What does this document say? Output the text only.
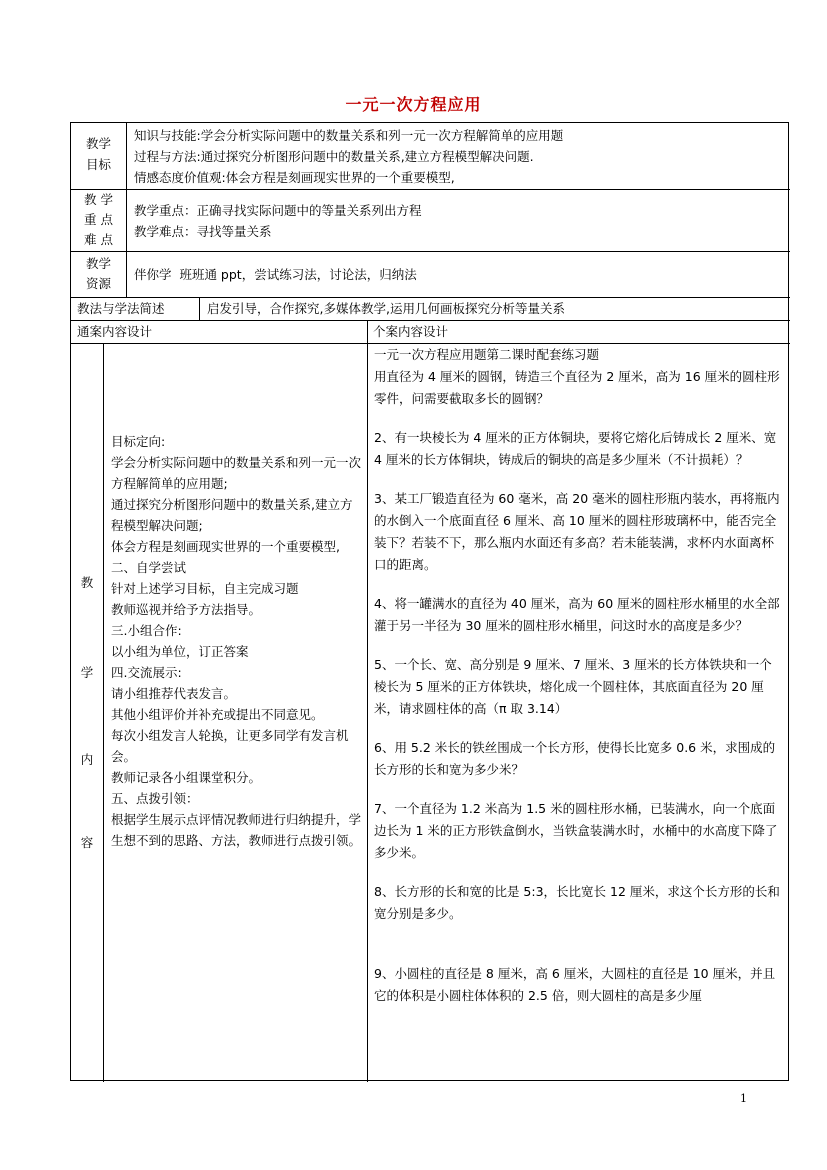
一元一次方程应用

教学

目标

知识与技能:学会分析实际问题中的数量关系和列一元一次方程解简单的应用题

过程与方法:通过探究分析图形问题中的数量关系,建立方程模型解决问题.

情感态度价值观:体会方程是刻画现实世界的一个重要模型,

教 学

重 点

难 点

教学重点：正确寻找实际问题中的等量关系列出方程

教学难点：寻找等量关系

教学

资源

伴你学  班班通 ppt，尝试练习法，讨论法，归纳法
教法与学法简述	启发引导，合作探究,多媒体教学,运用几何画板探究分析等量关系
通案内容设计	个案内容设计
教
学
内
容

目标定向:

学会分析实际问题中的数量关系和列一元一次方程解简单的应用题;

通过探究分析图形问题中的数量关系,建立方程模型解决问题;

体会方程是刻画现实世界的一个重要模型,

二、自学尝试

针对上述学习目标，自主完成习题

教师巡视并给予方法指导。

三.小组合作:

以小组为单位，订正答案

四.交流展示:

请小组推荐代表发言。

其他小组评价并补充或提出不同意见。

每次小组发言人轮换，让更多同学有发言机会。

教师记录各小组课堂积分。

五、点拨引领：

根据学生展示点评情况教师进行归纳提升，学生想不到的思路、方法，教师进行点拨引领。

一元一次方程应用题第二课时配套练习题

用直径为 4 厘米的圆钢，铸造三个直径为 2 厘米，高为 16 厘米的圆柱形零件，问需要截取多长的圆钢？

2、有一块棱长为 4 厘米的正方体铜块，要将它熔化后铸成长 2 厘米、宽 4 厘米的长方体铜块，铸成后的铜块的高是多少厘米（不计损耗）？

3、某工厂锻造直径为 60 毫米，高 20 毫米的圆柱形瓶内装水，再将瓶内的水倒入一个底面直径 6 厘米、高 10 厘米的圆柱形玻璃杯中，能否完全装下？若装不下，那么瓶内水面还有多高？若未能装满，求杯内水面离杯口的距离。

4、将一罐满水的直径为 40 厘米，高为 60 厘米的圆柱形水桶里的水全部灌于另一半径为 30 厘米的圆柱形水桶里，问这时水的高度是多少？

5、一个长、宽、高分别是 9 厘米、7 厘米、3 厘米的长方体铁块和一个棱长为 5 厘米的正方体铁块，熔化成一个圆柱体，其底面直径为 20 厘米，请求圆柱体的高（π 取 3.14）

6、用 5.2 米长的铁丝围成一个长方形，使得长比宽多 0.6 米，求围成的长方形的长和宽为多少米？

7、一个直径为 1.2 米高为 1.5 米的圆柱形水桶，已装满水，向一个底面边长为 1 米的正方形铁盒倒水，当铁盒装满水时，水桶中的水高度下降了多少米。

8、长方形的长和宽的比是 5:3，长比宽长 12 厘米，求这个长方形的长和宽分别是多少。

9、小圆柱的直径是 8 厘米，高 6 厘米，大圆柱的直径是 10 厘米，并且它的体积是小圆柱体体积的 2.5 倍，则大圆柱的高是多少厘

1
